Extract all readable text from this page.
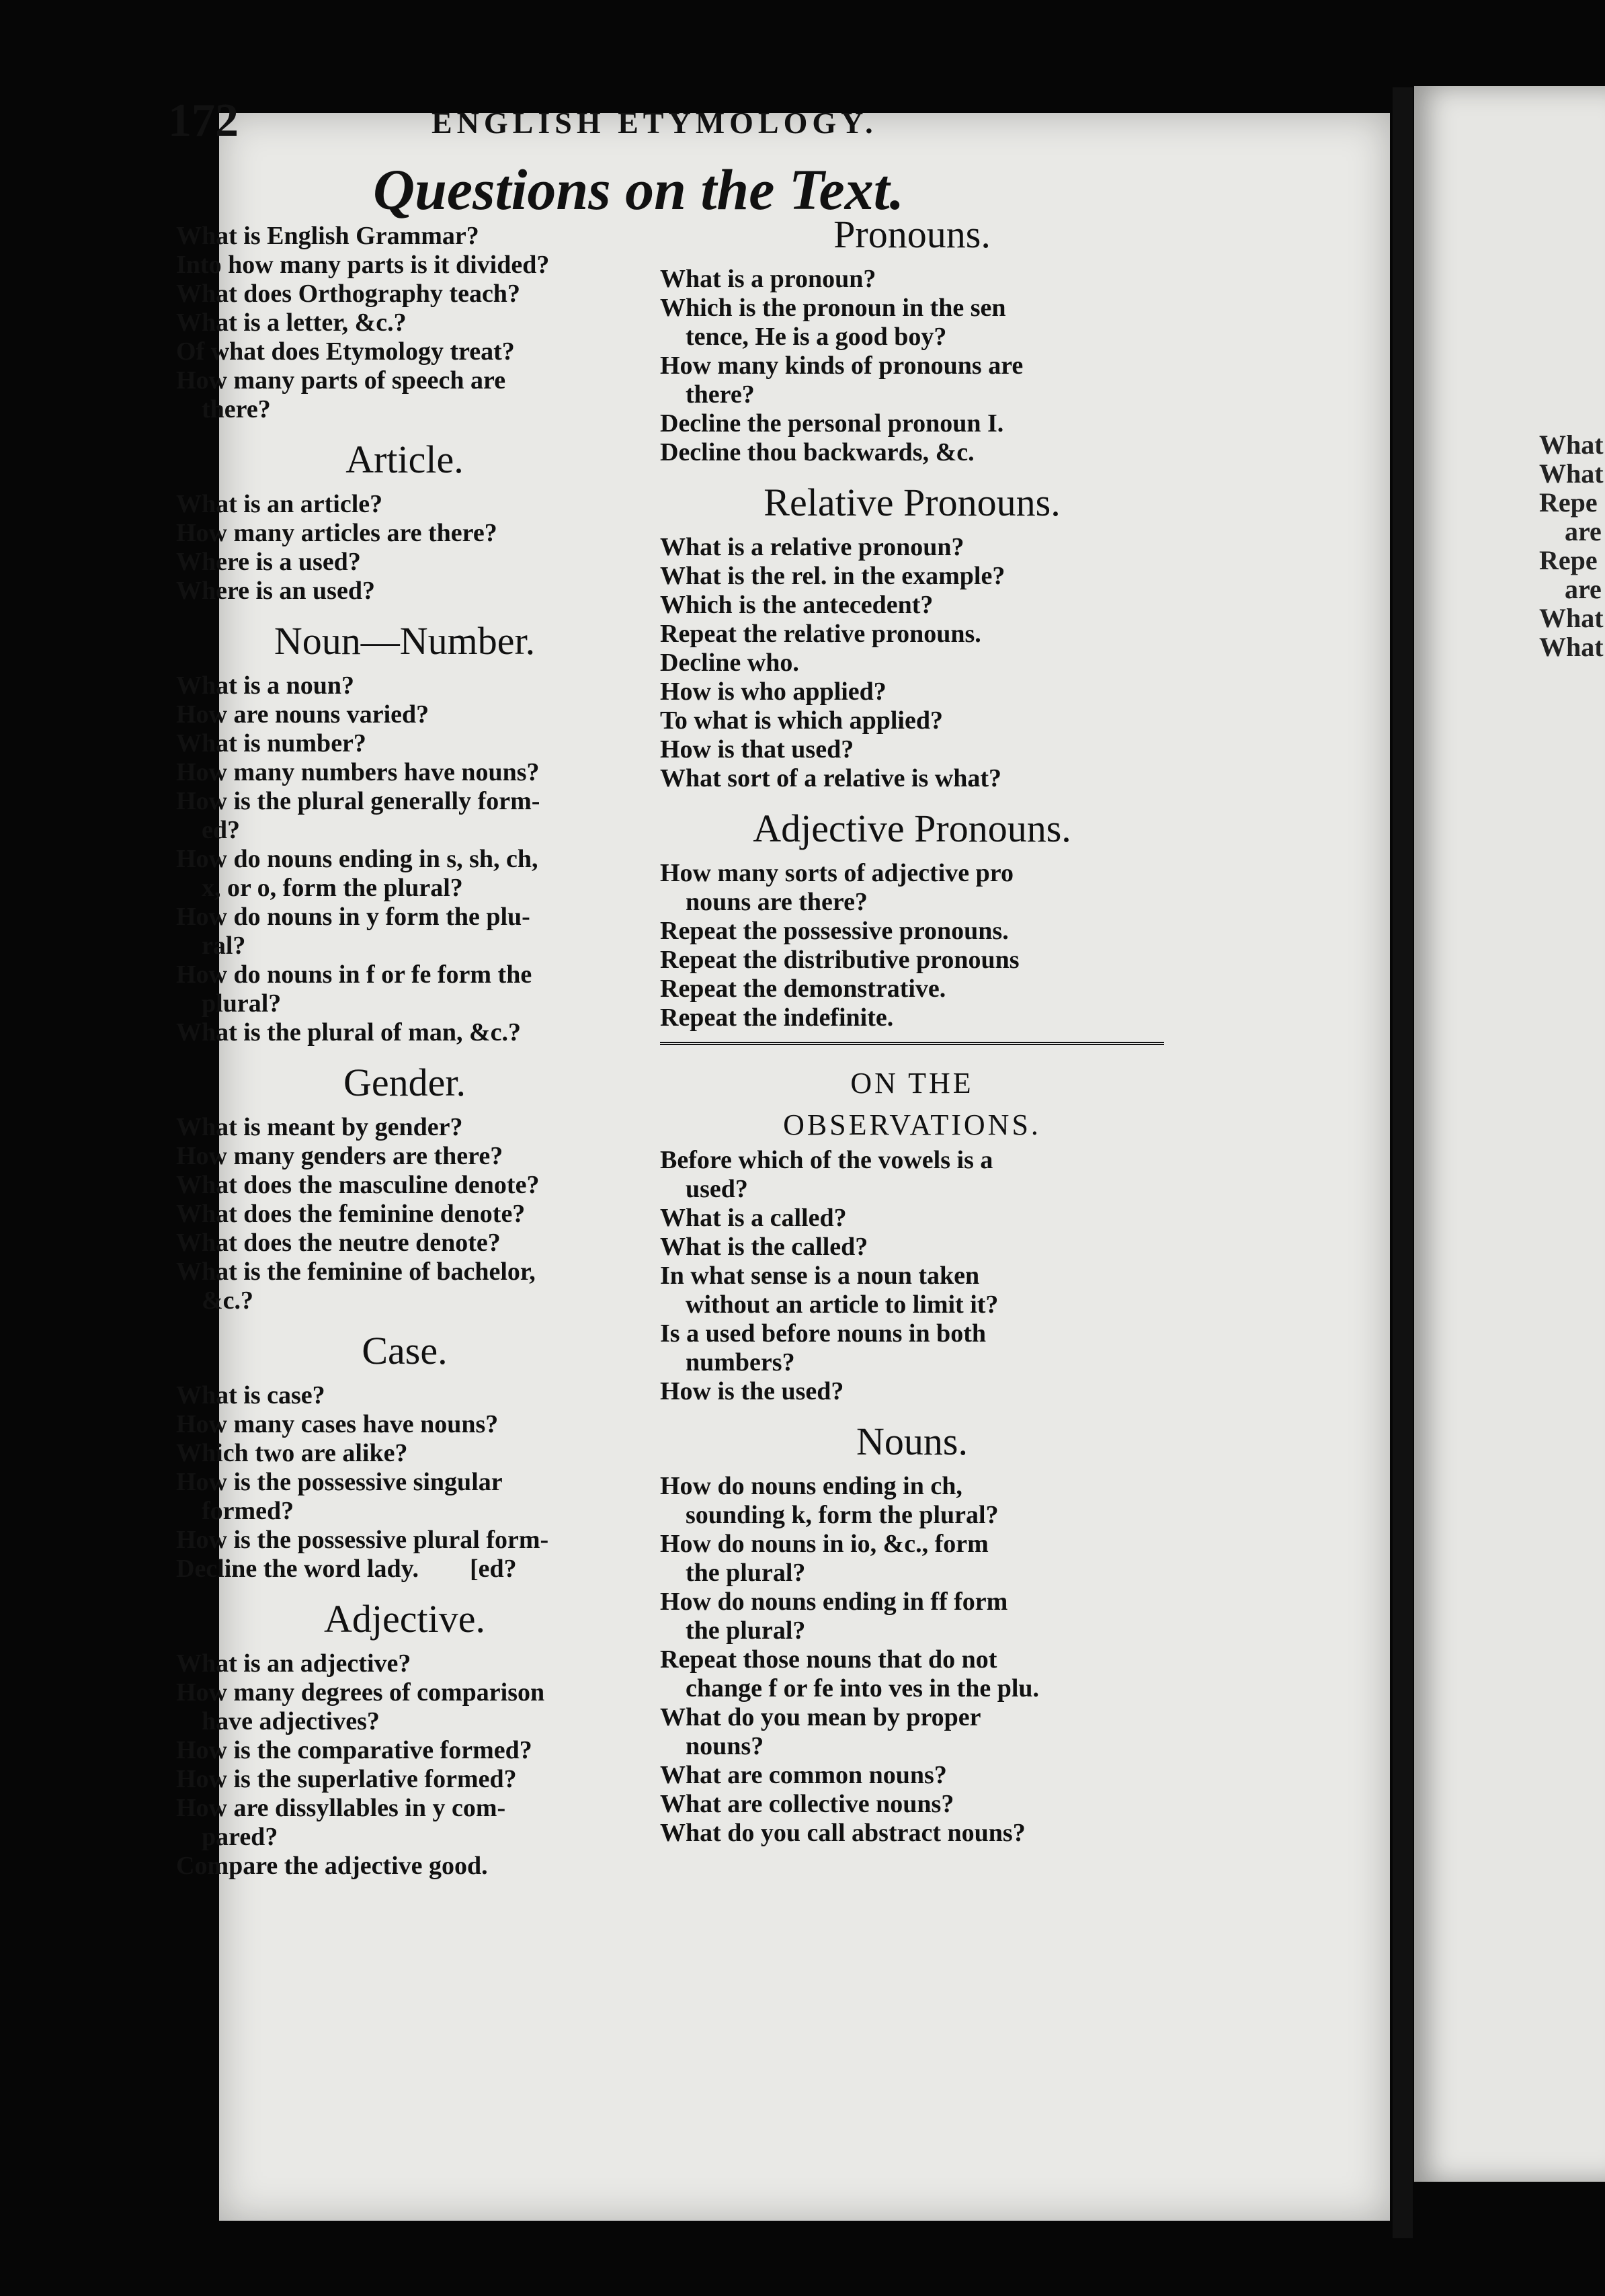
172	ENGLISH ETYMOLOGY.
Questions on the Text.
What is English Grammar?
Into how many parts is it divided?
What does Orthography teach?
What is a letter, &c.?
Of what does Etymology treat?
How many parts of speech are
there?
Article.
What is an article?
How many articles are there?
Where is a used?
Where is an used?
Noun—Number.
What is a noun?
How are nouns varied?
What is number?
How many numbers have nouns?
How is the plural generally form-
ed?
How do nouns ending in s, sh, ch,
x, or o, form the plural?
How do nouns in y form the plu-
ral?
How do nouns in f or fe form the
plural?
What is the plural of man, &c.?
Gender.
What is meant by gender?
How many genders are there?
What does the masculine denote?
What does the feminine denote?
What does the neutre denote?
What is the feminine of bachelor,
&c.?
Case.
What is case?
How many cases have nouns?
Which two are alike?
How is the possessive singular
formed?
How is the possessive plural form-
Decline the word lady.        [ed?
Adjective.
What is an adjective?
How many degrees of comparison
have adjectives?
How is the comparative formed?
How is the superlative formed?
How are dissyllables in y com-
pared?
Compare the adjective good.
Pronouns.
What is a pronoun?
Which is the pronoun in the sen
tence, He is a good boy?
How many kinds of pronouns are
there?
Decline the personal pronoun I.
Decline thou backwards, &c.
Relative Pronouns.
What is a relative pronoun?
What is the rel. in the example?
Which is the antecedent?
Repeat the relative pronouns.
Decline who.
How is who applied?
To what is which applied?
How is that used?
What sort of a relative is what?
Adjective Pronouns.
How many sorts of adjective pro
nouns are there?
Repeat the possessive pronouns.
Repeat the distributive pronouns
Repeat the demonstrative.
Repeat the indefinite.
ON THE
OBSERVATIONS.
Before which of the vowels is a
used?
What is a called?
What is the called?
In what sense is a noun taken
without an article to limit it?
Is a used before nouns in both
numbers?
How is the used?
Nouns.
How do nouns ending in ch,
sounding k, form the plural?
How do nouns in io, &c., form
the plural?
How do nouns ending in ff form
the plural?
Repeat those nouns that do not
change f or fe into ves in the plu.
What do you mean by proper
nouns?
What are common nouns?
What are collective nouns?
What do you call abstract nouns?
What
What
Repe
are
Repe
are
What
What
